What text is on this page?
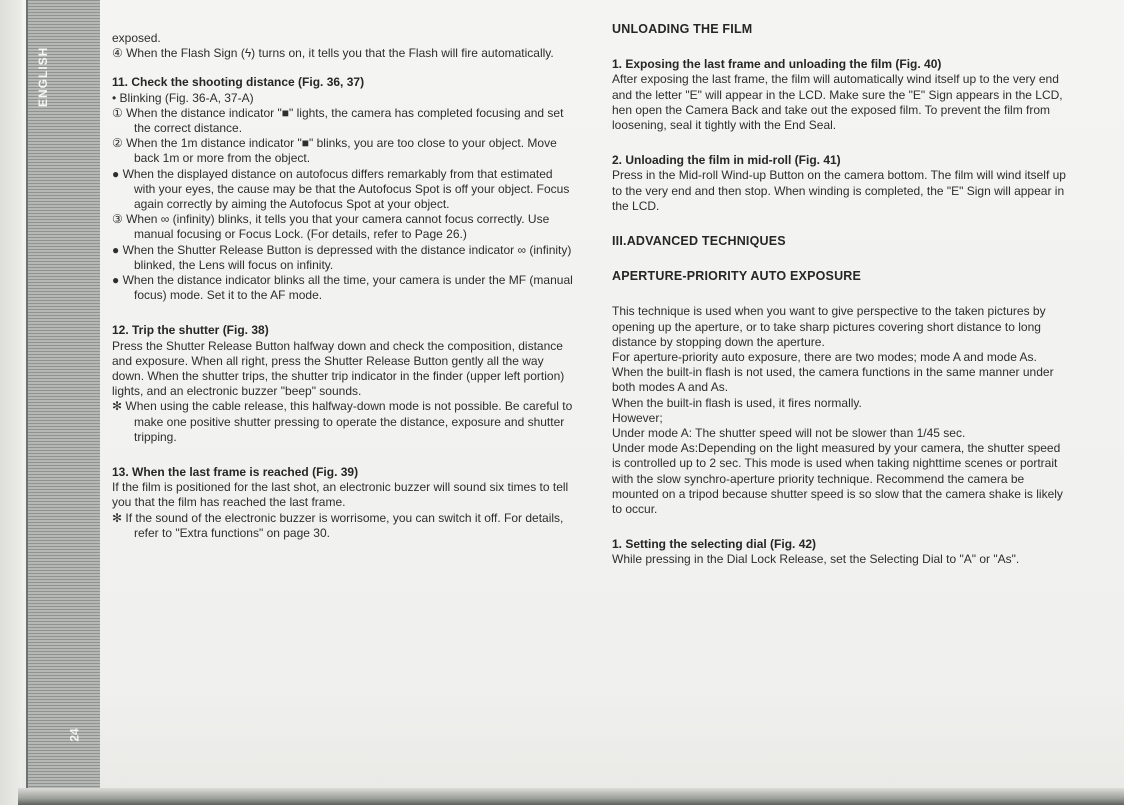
ENGLISH
24

exposed.

④ When the Flash Sign (ϟ) turns on, it tells you that the Flash will fire automatically.

11. Check the shooting distance (Fig. 36, 37)

• Blinking (Fig. 36-A, 37-A)

① When the distance indicator "■" lights, the camera has completed focusing and set the correct distance.

② When the 1m distance indicator "■" blinks, you are too close to your object. Move back 1m or more from the object.

● When the displayed distance on autofocus differs remarkably from that estimated with your eyes, the cause may be that the Autofocus Spot is off your object. Focus again correctly by aiming the Autofocus Spot at your object.

③ When ∞ (infinity) blinks, it tells you that your camera cannot focus correctly. Use manual focusing or Focus Lock. (For details, refer to Page 26.)

● When the Shutter Release Button is depressed with the distance indicator ∞ (infinity) blinked, the Lens will focus on infinity.

● When the distance indicator blinks all the time, your camera is under the MF (manual focus) mode. Set it to the AF mode.

12. Trip the shutter (Fig. 38)

Press the Shutter Release Button halfway down and check the composition, distance and exposure. When all right, press the Shutter Release Button gently all the way down. When the shutter trips, the shutter trip indicator in the finder (upper left portion) lights, and an electronic buzzer "beep" sounds.

✻ When using the cable release, this halfway-down mode is not possible. Be careful to make one positive shutter pressing to operate the distance, exposure and shutter tripping.

13. When the last frame is reached (Fig. 39)

If the film is positioned for the last shot, an electronic buzzer will sound six times to tell you that the film has reached the last frame.

✻ If the sound of the electronic buzzer is worrisome, you can switch it off. For details, refer to "Extra functions" on page 30.

UNLOADING THE FILM

1. Exposing the last frame and unloading the film (Fig. 40)

After exposing the last frame, the film will automatically wind itself up to the very end and the letter "E" will appear in the LCD. Make sure the "E" Sign appears in the LCD, hen open the Camera Back and take out the exposed film. To prevent the film from loosening, seal it tightly with the End Seal.

2. Unloading the film in mid-roll (Fig. 41)

Press in the Mid-roll Wind-up Button on the camera bottom. The film will wind itself up to the very end and then stop. When winding is completed, the "E" Sign will appear in the LCD.

III.ADVANCED TECHNIQUES

APERTURE-PRIORITY AUTO EXPOSURE

This technique is used when you want to give perspective to the taken pictures by opening up the aperture, or to take sharp pictures covering short distance to long distance by stopping down the aperture.

For aperture-priority auto exposure, there are two modes; mode A and mode As. When the built-in flash is not used, the camera functions in the same manner under both modes A and As.

When the built-in flash is used, it fires normally.

However;

Under mode A: The shutter speed will not be slower than 1/45 sec.

Under mode As:Depending on the light measured by your camera, the shutter speed is controlled up to 2 sec. This mode is used when taking nighttime scenes or portrait with the slow synchro-aperture priority technique. Recommend the camera be mounted on a tripod because shutter speed is so slow that the camera shake is likely to occur.

1. Setting the selecting dial (Fig. 42)

While pressing in the Dial Lock Release, set the Selecting Dial to "A" or "As".
